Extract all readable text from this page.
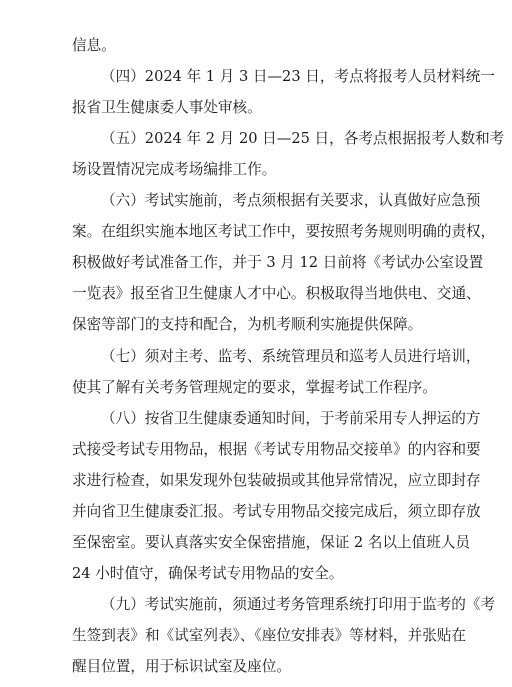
信息。
（四）2024 年 1 月 3 日—23 日，考点将报考人员材料统一
报省卫生健康委人事处审核。
（五）2024 年 2 月 20 日—25 日，各考点根据报考人数和考
场设置情况完成考场编排工作。
（六）考试实施前，考点须根据有关要求，认真做好应急预
案。在组织实施本地区考试工作中，要按照考务规则明确的责权，
积极做好考试准备工作，并于 3 月 12 日前将《考试办公室设置
一览表》报至省卫生健康人才中心。积极取得当地供电、交通、
保密等部门的支持和配合，为机考顺利实施提供保障。
（七）须对主考、监考、系统管理员和巡考人员进行培训，
使其了解有关考务管理规定的要求，掌握考试工作程序。
（八）按省卫生健康委通知时间，于考前采用专人押运的方
式接受考试专用物品，根据《考试专用物品交接单》的内容和要
求进行检查，如果发现外包装破损或其他异常情况，应立即封存
并向省卫生健康委汇报。考试专用物品交接完成后，须立即存放
至保密室。要认真落实安全保密措施，保证 2 名以上值班人员
24 小时值守，确保考试专用物品的安全。
（九）考试实施前，须通过考务管理系统打印用于监考的《考
生签到表》和《试室列表》、《座位安排表》等材料，并张贴在
醒目位置，用于标识试室及座位。
